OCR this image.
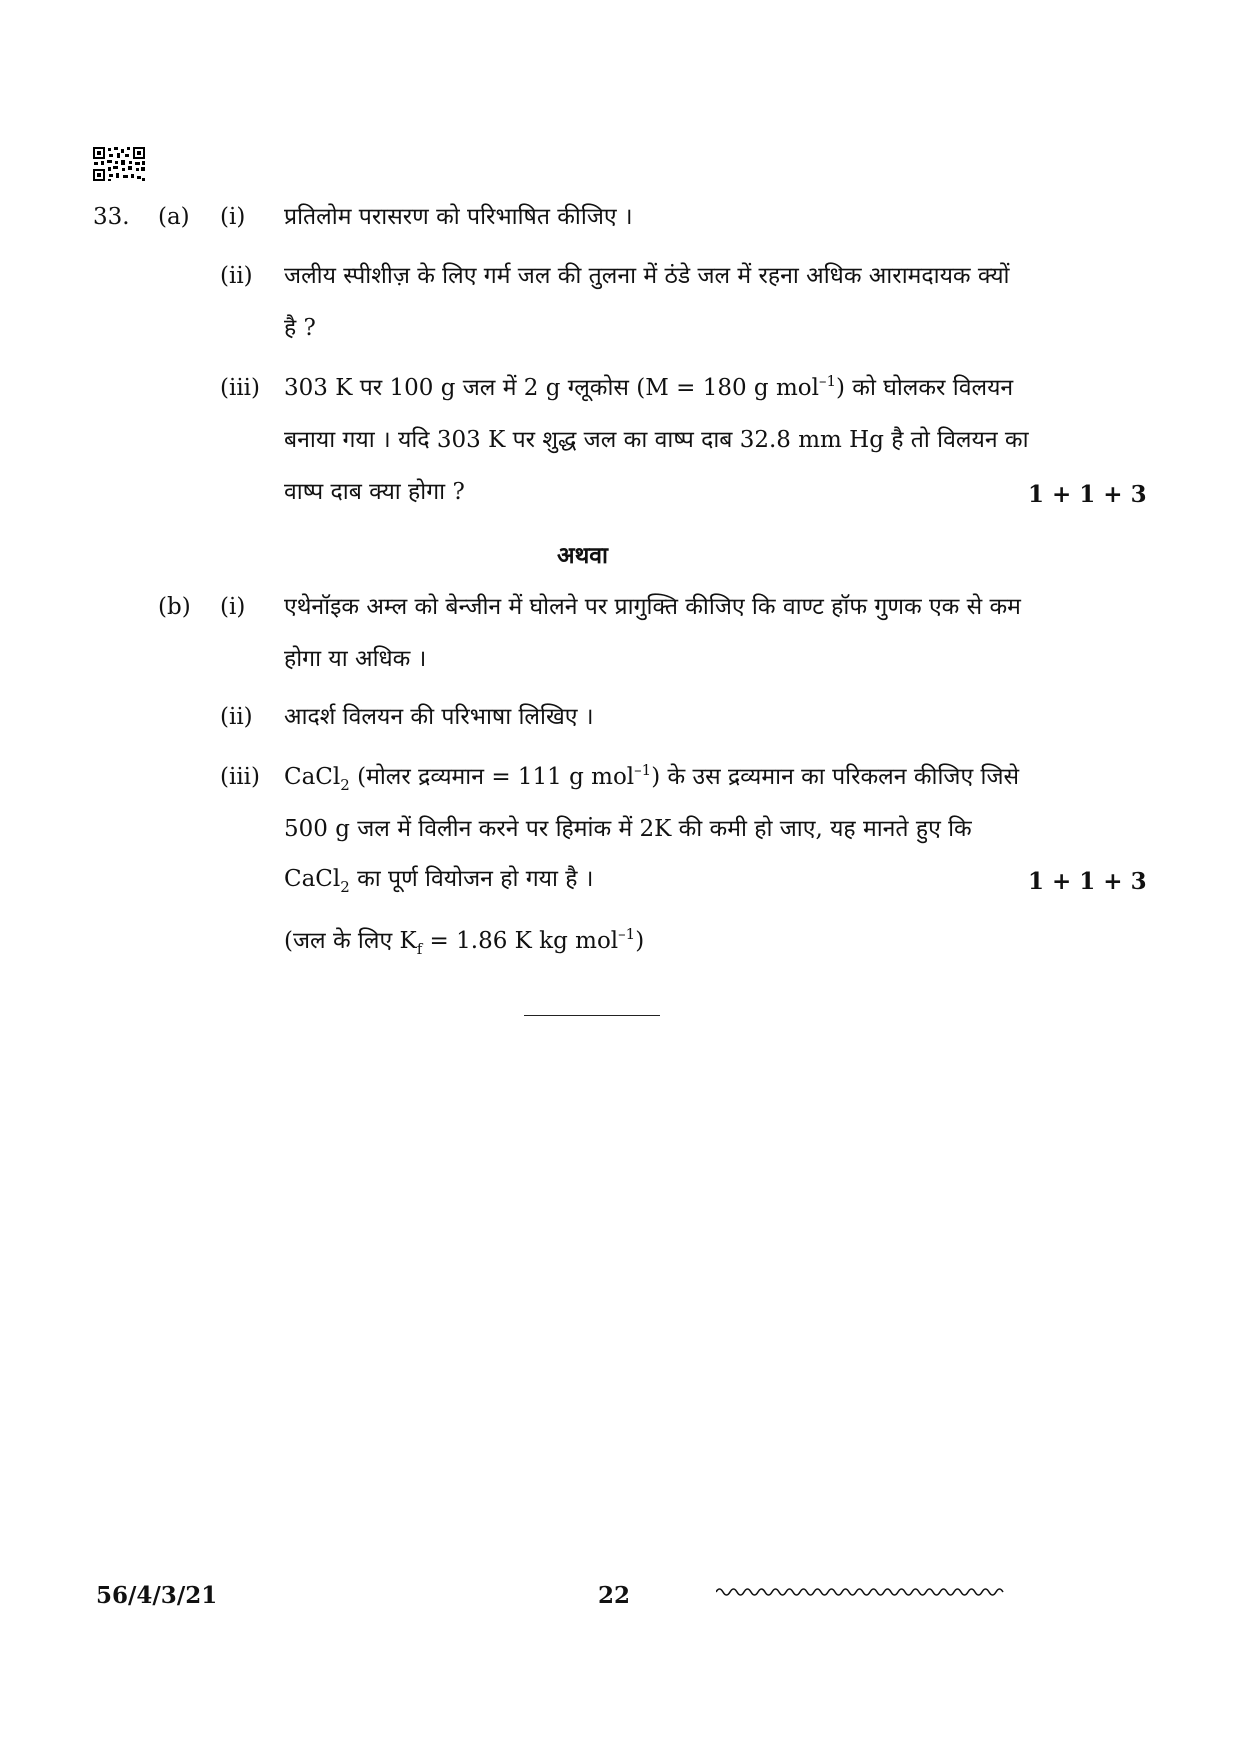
33. (a) (i) प्रतिलोम परासरण को परिभाषित कीजिए ।
(ii) जलीय स्पीशीज़ के लिए गर्म जल की तुलना में ठंडे जल में रहना अधिक आरामदायक क्यों
है ?
(iii) 303 K पर 100 g जल में 2 g ग्लूकोस (M = 180 g mol$^{-1}$) को घोलकर विलयन
बनाया गया । यदि 303 K पर शुद्ध जल का वाष्प दाब 32.8 mm Hg है तो विलयन का
वाष्प दाब क्या होगा ?	1 + 1 + 3
अथवा
(b) (i) एथेनॉइक अम्ल को बेन्जीन में घोलने पर प्रागुक्ति कीजिए कि वाण्ट हॉफ गुणक एक से कम
होगा या अधिक ।
(ii) आदर्श विलयन की परिभाषा लिखिए ।
(iii) CaCl$_2$ (मोलर द्रव्यमान = 111 g mol$^{-1}$) के उस द्रव्यमान का परिकलन कीजिए जिसे
500 g जल में विलीन करने पर हिमांक में 2K की कमी हो जाए, यह मानते हुए कि
CaCl$_2$ का पूर्ण वियोजन हो गया है ।	1 + 1 + 3
(जल के लिए $K_f = 1.86$ K kg mol$^{-1}$)
56/4/3/21	22
